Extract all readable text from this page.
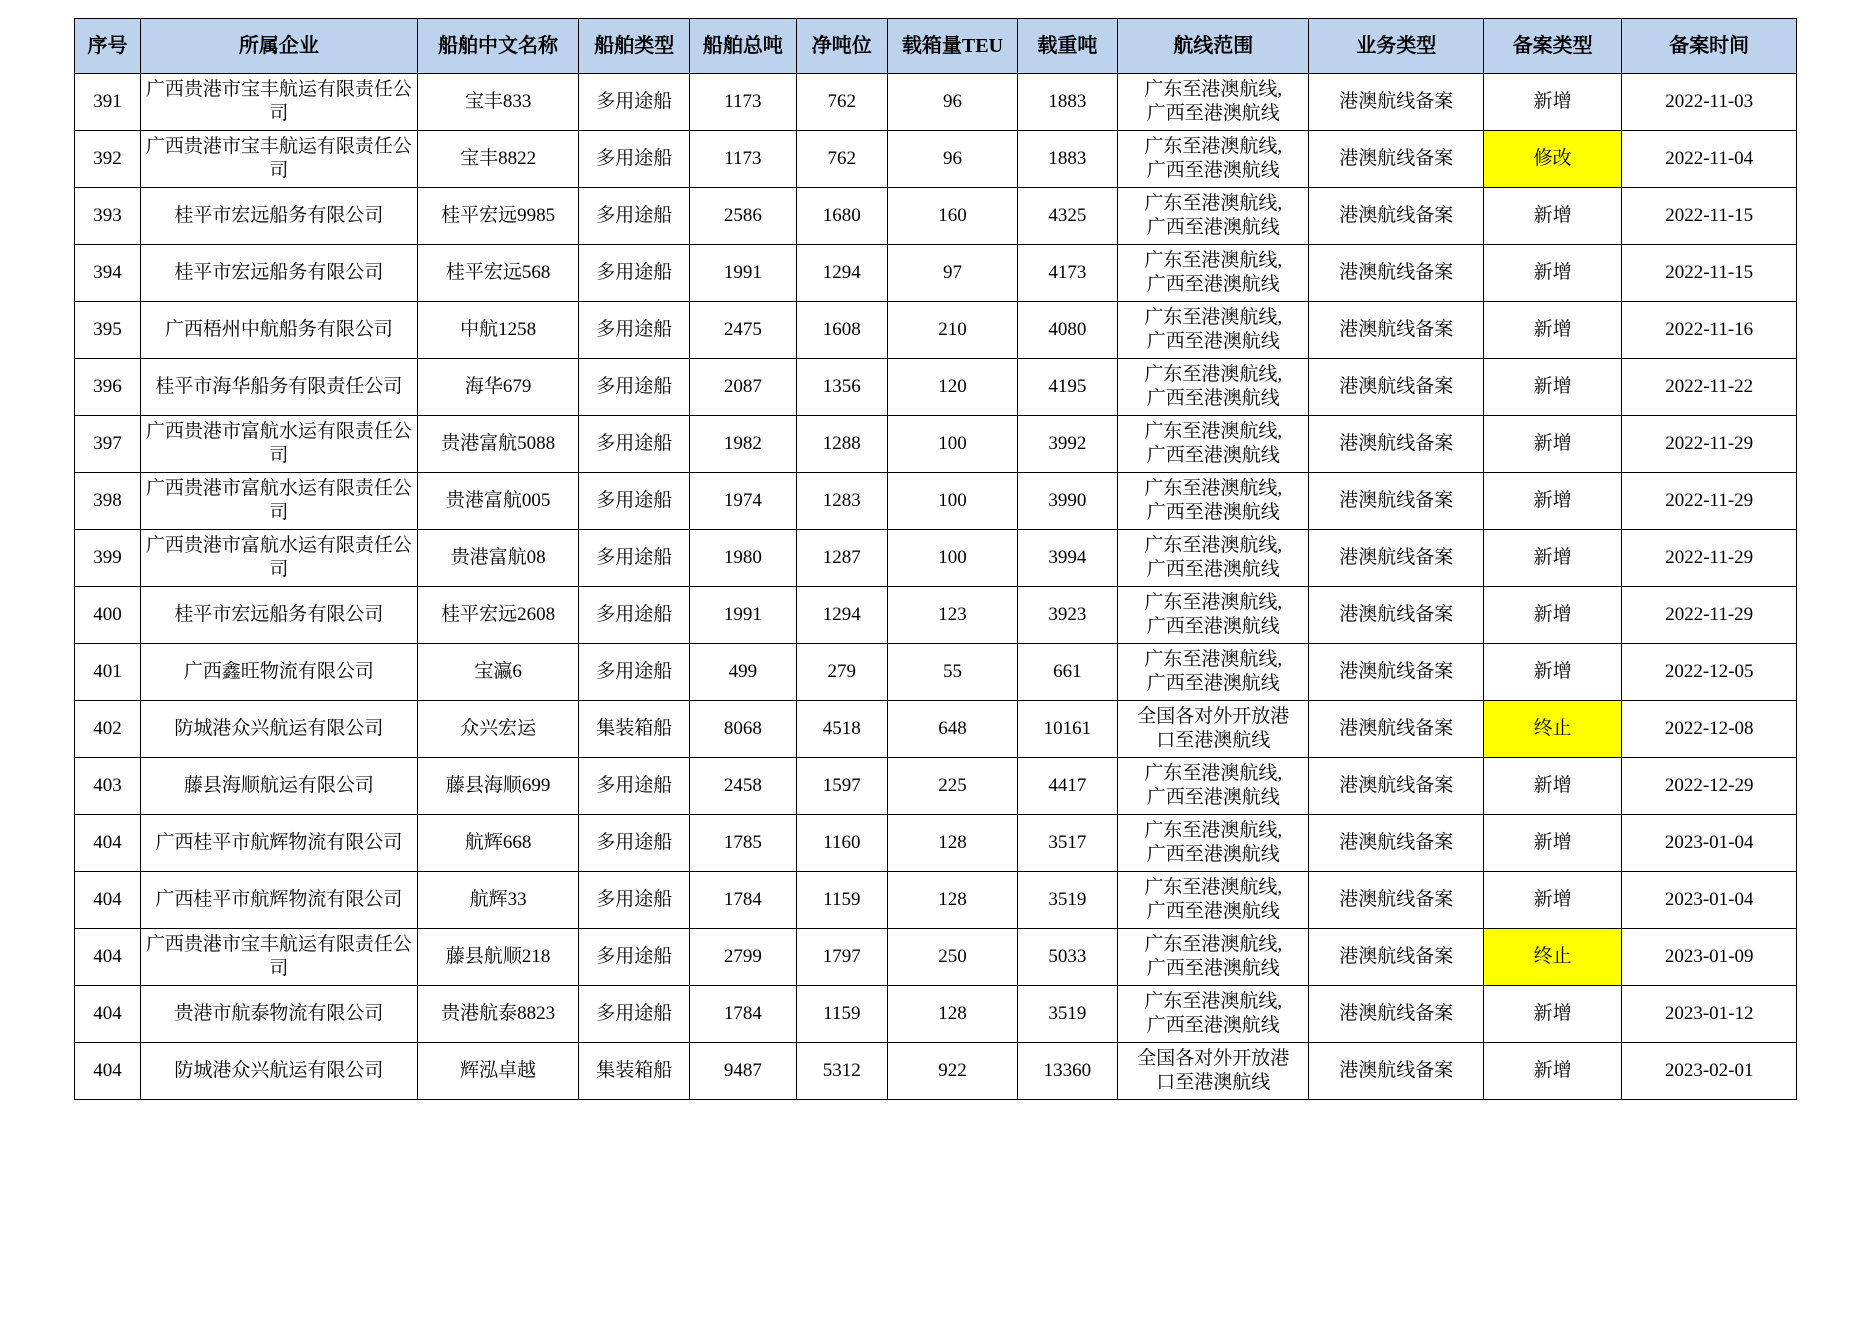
序号	所属企业	船舶中文名称	船舶类型	船舶总吨	净吨位	载箱量TEU	载重吨	航线范围	业务类型	备案类型	备案时间
391	广西贵港市宝丰航运有限责任公司	宝丰833	多用途船	1173	762	96	1883	广东至港澳航线,
广西至港澳航线	港澳航线备案	新增	2022-11-03
392	广西贵港市宝丰航运有限责任公司	宝丰8822	多用途船	1173	762	96	1883	广东至港澳航线,
广西至港澳航线	港澳航线备案	修改	2022-11-04
393	桂平市宏远船务有限公司	桂平宏远9985	多用途船	2586	1680	160	4325	广东至港澳航线,
广西至港澳航线	港澳航线备案	新增	2022-11-15
394	桂平市宏远船务有限公司	桂平宏远568	多用途船	1991	1294	97	4173	广东至港澳航线,
广西至港澳航线	港澳航线备案	新增	2022-11-15
395	广西梧州中航船务有限公司	中航1258	多用途船	2475	1608	210	4080	广东至港澳航线,
广西至港澳航线	港澳航线备案	新增	2022-11-16
396	桂平市海华船务有限责任公司	海华679	多用途船	2087	1356	120	4195	广东至港澳航线,
广西至港澳航线	港澳航线备案	新增	2022-11-22
397	广西贵港市富航水运有限责任公司	贵港富航5088	多用途船	1982	1288	100	3992	广东至港澳航线,
广西至港澳航线	港澳航线备案	新增	2022-11-29
398	广西贵港市富航水运有限责任公司	贵港富航005	多用途船	1974	1283	100	3990	广东至港澳航线,
广西至港澳航线	港澳航线备案	新增	2022-11-29
399	广西贵港市富航水运有限责任公司	贵港富航08	多用途船	1980	1287	100	3994	广东至港澳航线,
广西至港澳航线	港澳航线备案	新增	2022-11-29
400	桂平市宏远船务有限公司	桂平宏远2608	多用途船	1991	1294	123	3923	广东至港澳航线,
广西至港澳航线	港澳航线备案	新增	2022-11-29
401	广西鑫旺物流有限公司	宝瀛6	多用途船	499	279	55	661	广东至港澳航线,
广西至港澳航线	港澳航线备案	新增	2022-12-05
402	防城港众兴航运有限公司	众兴宏运	集装箱船	8068	4518	648	10161	全国各对外开放港
口至港澳航线	港澳航线备案	终止	2022-12-08
403	藤县海顺航运有限公司	藤县海顺699	多用途船	2458	1597	225	4417	广东至港澳航线,
广西至港澳航线	港澳航线备案	新增	2022-12-29
404	广西桂平市航辉物流有限公司	航辉668	多用途船	1785	1160	128	3517	广东至港澳航线,
广西至港澳航线	港澳航线备案	新增	2023-01-04
404	广西桂平市航辉物流有限公司	航辉33	多用途船	1784	1159	128	3519	广东至港澳航线,
广西至港澳航线	港澳航线备案	新增	2023-01-04
404	广西贵港市宝丰航运有限责任公司	藤县航顺218	多用途船	2799	1797	250	5033	广东至港澳航线,
广西至港澳航线	港澳航线备案	终止	2023-01-09
404	贵港市航泰物流有限公司	贵港航泰8823	多用途船	1784	1159	128	3519	广东至港澳航线,
广西至港澳航线	港澳航线备案	新增	2023-01-12
404	防城港众兴航运有限公司	辉泓卓越	集装箱船	9487	5312	922	13360	全国各对外开放港
口至港澳航线	港澳航线备案	新增	2023-02-01
